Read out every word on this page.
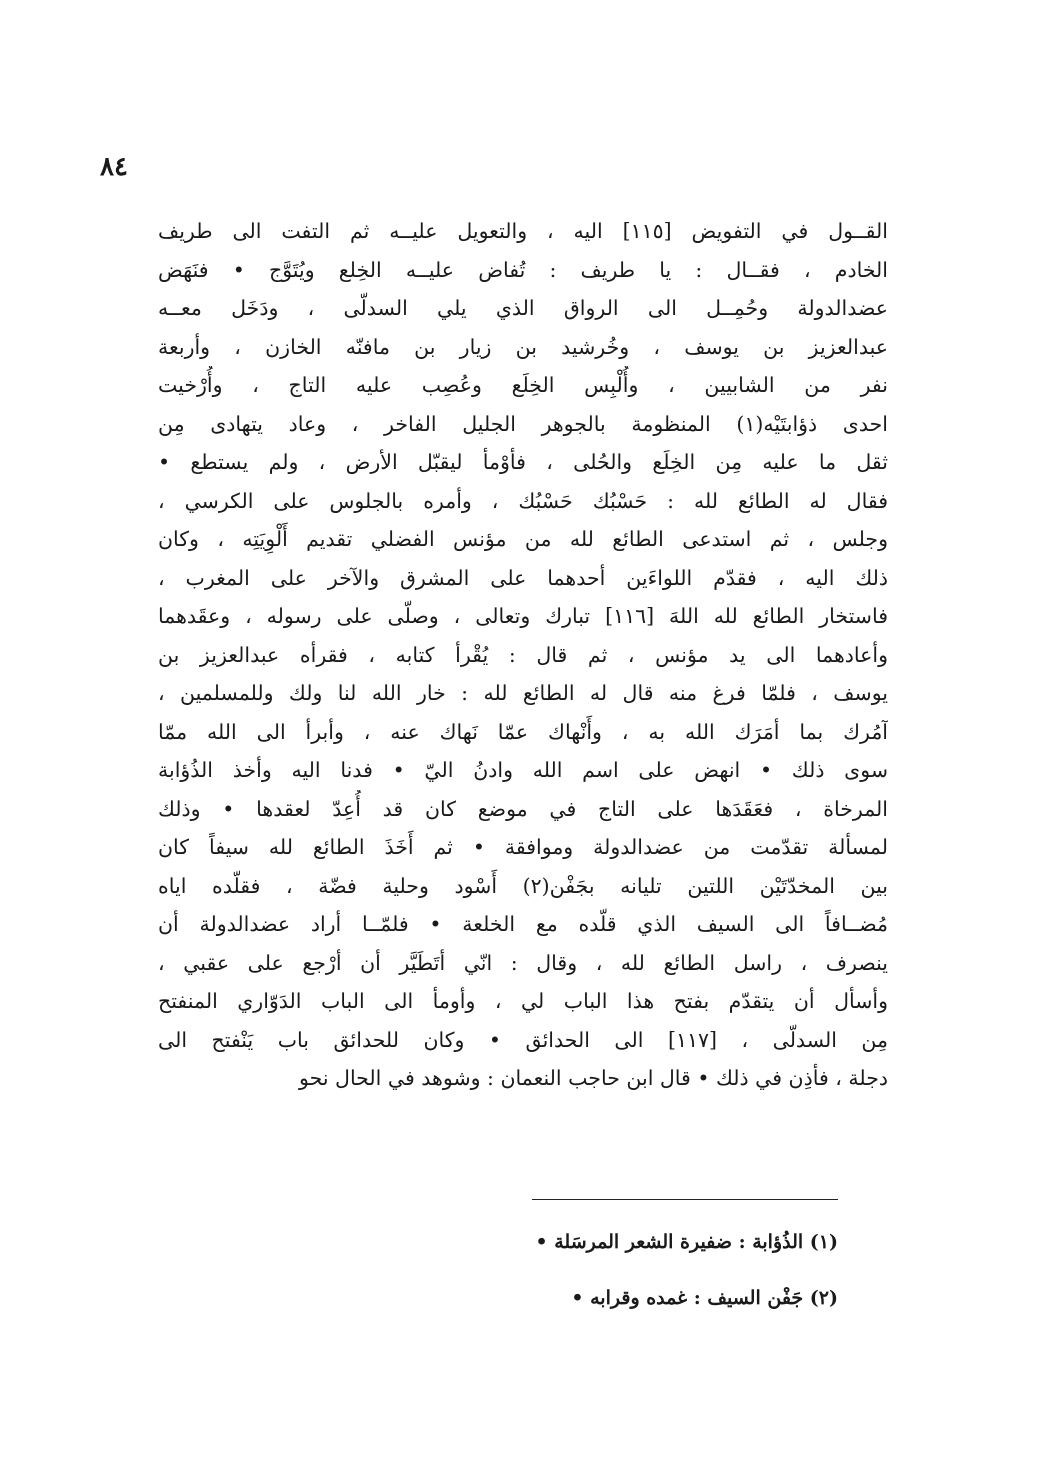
٨٤
القــول في التفويض [١١٥] اليه ، والتعويل عليــه ثم التفت الى طريف
الخادم ، فقــال : يا طريف : تُفاض عليــه الخِلع ويُتَوَّج • فنَهَض
عضدالدولة وحُمِــل الى الرواق الذي يلي السدلّى ، ودَخَل معــه
عبدالعزيز بن يوسف ، وخُرشيد بن زيار بن مافنّه الخازن ، وأربعة
نفر من الشابيين ، وأُلْبِس الخِلَع وعُصِب عليه التاج ، وأُرْخيت
احدى ذؤابتَيْه(١) المنظومة بالجوهر الجليل الفاخر ، وعاد يتهادى مِن
ثقل ما عليه مِن الخِلَع والحُلى ، فأوْمأ ليقبّل الأرض ، ولم يستطع •
فقال له الطائع لله : حَسْبُك حَسْبُك ، وأمره بالجلوس على الكرسي ،
وجلس ، ثم استدعى الطائع لله من مؤنس الفضلي تقديم أَلْوِيَتِه ، وكان
ذلك اليه ، فقدّم اللواءَين أحدهما على المشرق والآخر على المغرب ،
فاستخار الطائع لله اللهَ [١١٦] تبارك وتعالى ، وصلّى على رسوله ، وعقَدهما
وأعادهما الى يد مؤنس ، ثم قال : يُقْرأ كتابه ، فقرأه عبدالعزيز بن
يوسف ، فلمّا فرغ منه قال له الطائع لله : خار الله لنا ولك وللمسلمين ،
آمُرك بما أمَرَك الله به ، وأَنْهاك عمّا نَهاك عنه ، وأبرأ الى الله ممّا
سوى ذلك • انهض على اسم الله وادنُ اليّ • فدنا اليه وأخذ الذُؤابة
المرخاة ، فعَقَدَها على التاج في موضع كان قد أُعِدّ لعقدها • وذلك
لمسألة تقدّمت من عضدالدولة وموافقة • ثم أَخَذَ الطائع لله سيفاً كان
بين المخدّتَيْن اللتين تليانه بجَفْن(٢) أَسْود وحلية فضّة ، فقلّده اياه
مُضــافاً الى السيف الذي قلّده مع الخلعة • فلمّــا أراد عضدالدولة أن
ينصرف ، راسل الطائع لله ، وقال : انّي أتَطَيَّر أن أرْجع على عقبي ،
وأسأل أن يتقدّم بفتح هذا الباب لي ، وأومأ الى الباب الدَوّاري المنفتح
مِن السدلّى ، [١١٧] الى الحدائق • وكان للحدائق باب يَنْفتح الى
دجلة ، فأذِن في ذلك • قال ابن حاجب النعمان : وشوهد في الحال نحو
(١) الذُؤابة : ضفيرة الشعر المرسَلة •
(٢) جَفْن السيف : غمده وقرابه •
